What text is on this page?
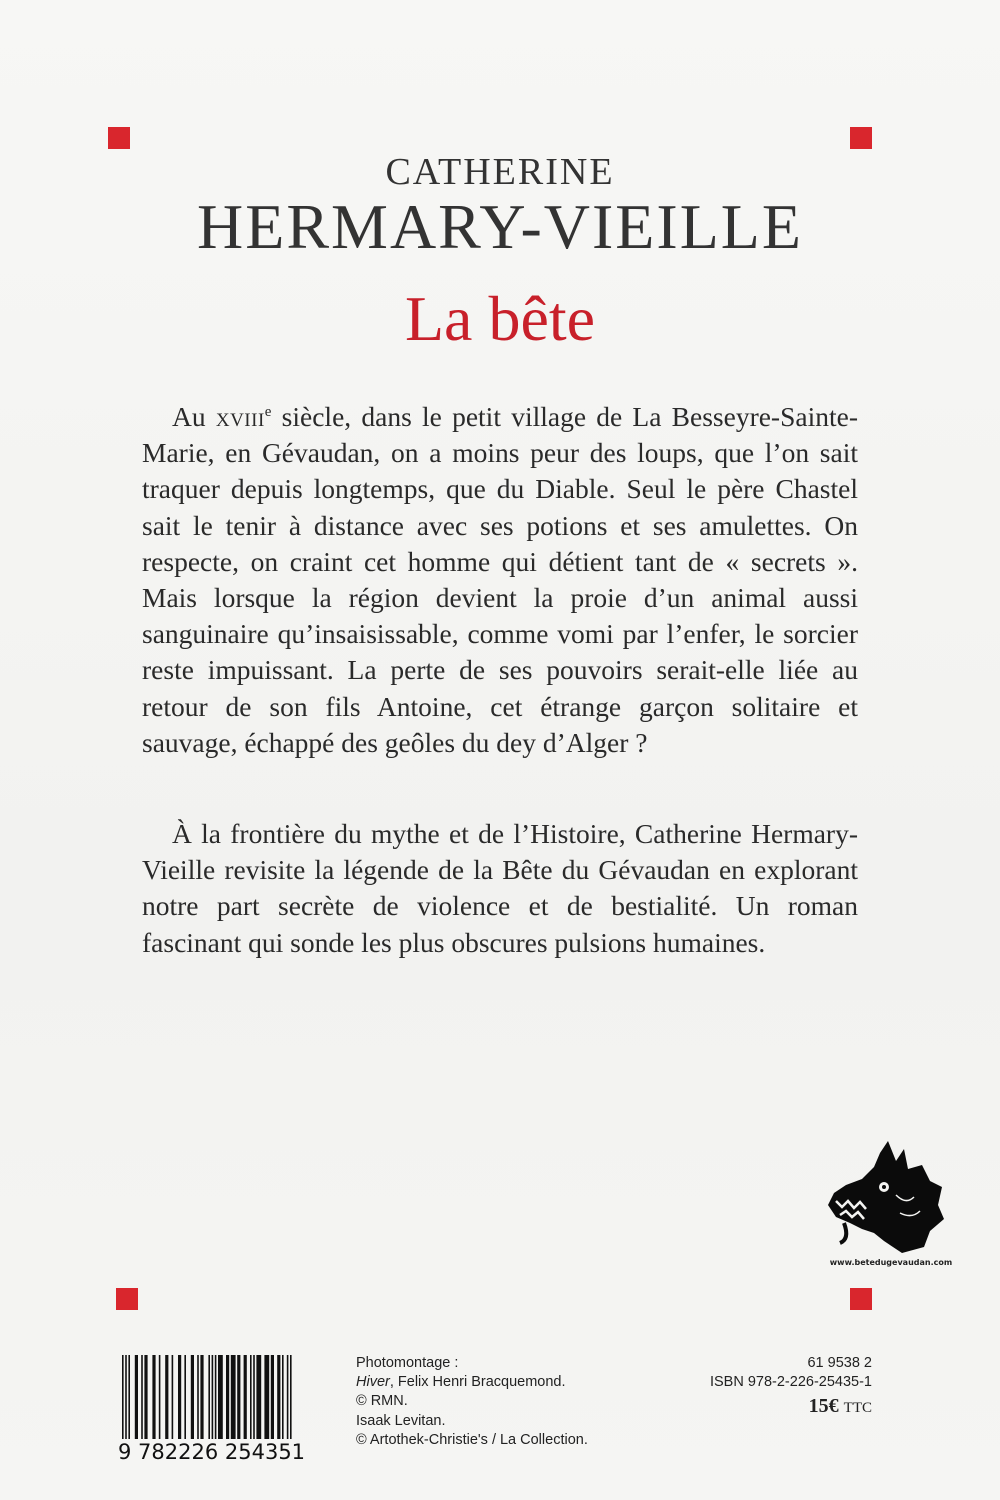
CATHERINE
HERMARY-VIEILLE
La bête

Au xviii$^e$ siècle, dans le petit village de La Besseyre-Sainte-Marie, en Gévaudan, on a moins peur des loups, que l’on sait traquer depuis longtemps, que du Diable. Seul le père Chastel sait le tenir à distance avec ses potions et ses amulettes. On respecte, on craint cet homme qui détient tant de « secrets ». Mais lorsque la région devient la proie d’un animal aussi sanguinaire qu’insaisissable, comme vomi par l’enfer, le sorcier reste impuissant. La perte de ses pouvoirs serait-elle liée au retour de son fils Antoine, cet étrange garçon solitaire et sauvage, échappé des geôles du dey d’Alger ?

À la frontière du mythe et de l’Histoire, Catherine Hermary-Vieille revisite la légende de la Bête du Gévaudan en explorant notre part secrète de violence et de bestialité. Un roman fascinant qui sonde les plus obscures pulsions humaines.

www.betedugevaudan.com
9 782226 254351
Photomontage :
Hiver, Felix Henri Bracquemond.
© RMN.
Isaak Levitan.
© Artothek-Christie's / La Collection.
61 9538 2
ISBN 978-2-226-25435-1
15€ TTC
